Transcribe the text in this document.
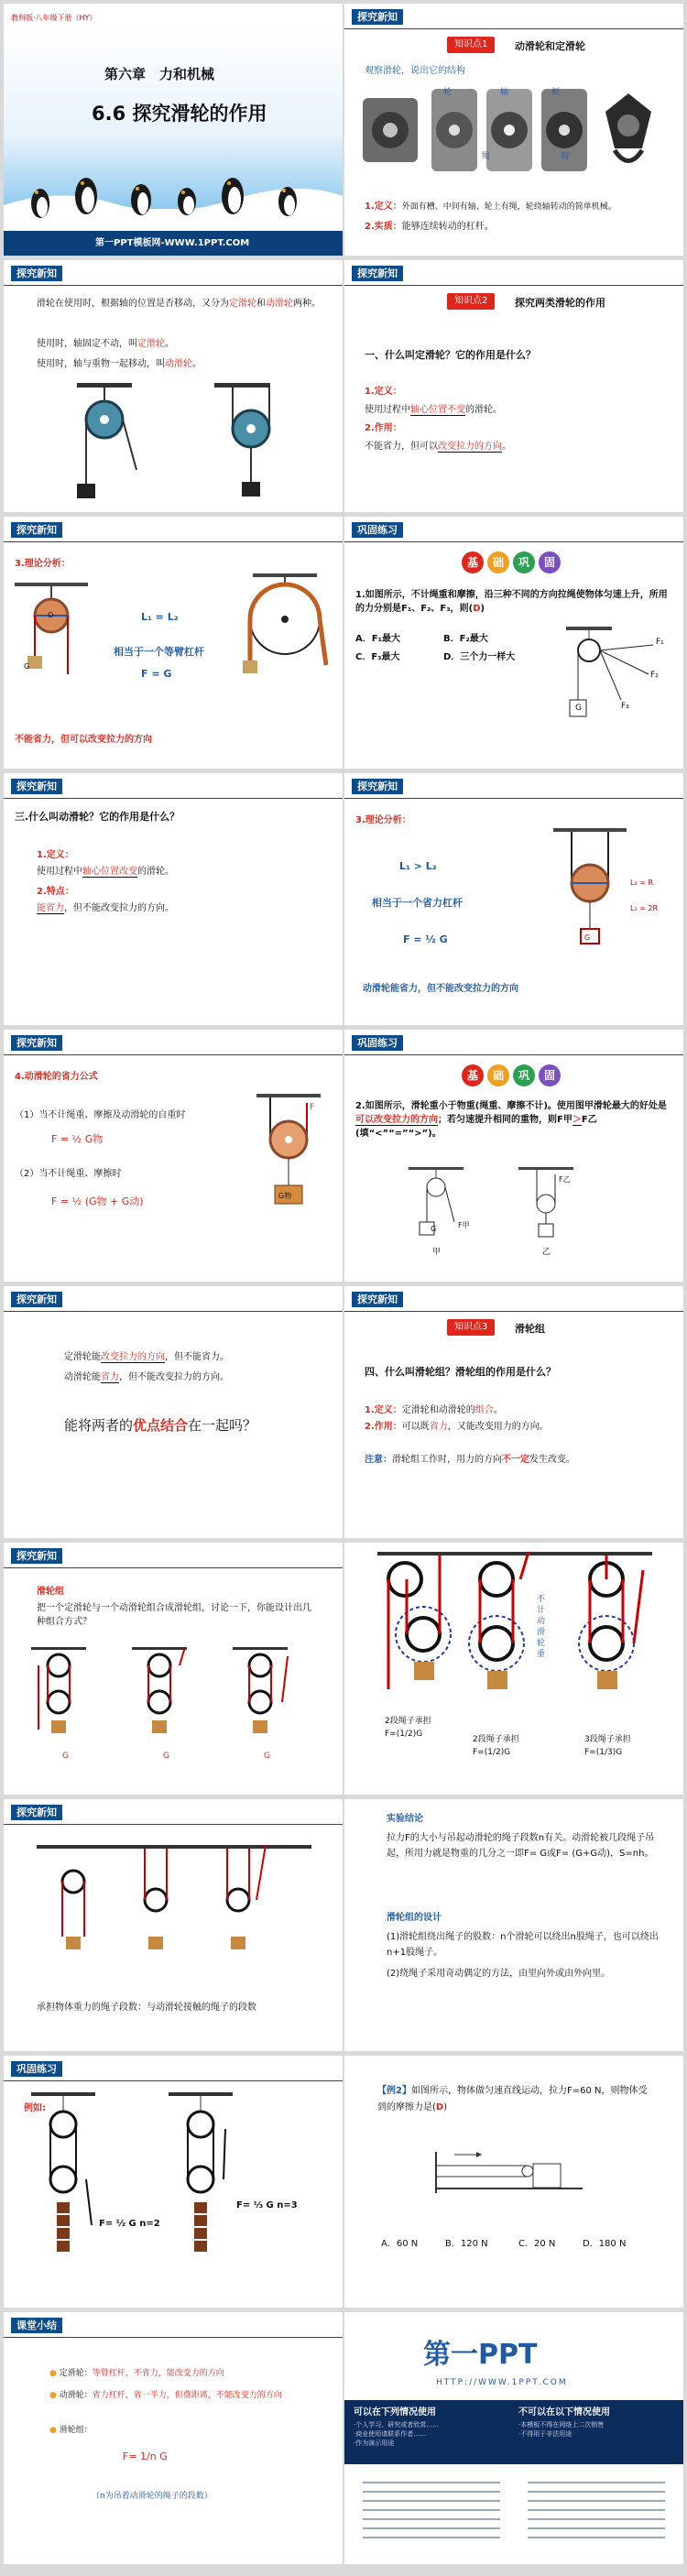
教科版·八年级下册（HY）
第六章　力和机械
6.6 探究滑轮的作用
第一PPT模板网-WWW.1PPT.COM
探究新知
知识点1	动滑轮和定滑轮
观察滑轮，说出它的结构
轮	轴	框
绳	钩
1.定义：外面有槽、中间有轴、轮上有绳，轮绕轴转动的简单机械。
2.实质：能够连续转动的杠杆。
探究新知
滑轮在使用时，根据轴的位置是否移动，又分为定滑轮和动滑轮两种。
使用时，轴固定不动，叫定滑轮。
使用时，轴与重物一起移动，叫动滑轮。
探究新知
知识点2	探究两类滑轮的作用
一、什么叫定滑轮？它的作用是什么？
1.定义：
使用过程中轴心位置不变的滑轮。
2.作用：
不能省力，但可以改变拉力的方向。
探究新知
3.理论分析：
O
G
L₁ = L₂
相当于一个等臂杠杆
F = G
不能省力，但可以改变拉力的方向
巩固练习
基 础 巩 固
1.如图所示，不计绳重和摩擦，沿三种不同的方向拉绳使物体匀速上升，所用的力分别是F₁、F₂、F₃，则(D)
A．F₁最大	B．F₂最大
C．F₃最大	D．三个力一样大
G
F₁
F₂
F₃
探究新知
三.什么叫动滑轮？它的作用是什么？
1.定义：
使用过程中轴心位置改变的滑轮。
2.特点：
能省力，但不能改变拉力的方向。
探究新知
3.理论分析：
L₁ > L₂
相当于一个省力杠杆
F = ½ G	G
L₁ = 2R
L₂ = R
动滑轮能省力，但不能改变拉力的方向
探究新知
4.动滑轮的省力公式
（1）当不计绳重、摩擦及动滑轮的自重时
F = ½ G物
（2）当不计绳重、摩擦时
F = ½ (G物 + G动)	G物
F
巩固练习
基 础 巩 固
2.如图所示，滑轮重小于物重(绳重、摩擦不计)。使用图甲滑轮最大的好处是可以改变拉力的方向；若匀速提升相同的重物，则F甲＞F乙 (填“<”“=”“>”)。
G	F甲
F乙
甲	乙
探究新知
定滑轮能改变拉力的方向，但不能省力。
动滑轮能省力，但不能改变拉力的方向。
能将两者的优点结合在一起吗？
探究新知
知识点3	滑轮组
四、什么叫滑轮组？滑轮组的作用是什么？
1.定义：定滑轮和动滑轮的组合。
2.作用：可以既省力，又能改变用力的方向。
注意：滑轮组工作时，用力的方向不一定发生改变。
探究新知
滑轮组
把一个定滑轮与一个动滑轮组合成滑轮组，讨论一下，你能设计出几种组合方式？
G	G	G
不计动滑轮重
2段绳子承担
F=(1/2)G
2段绳子承担
F=(1/2)G
3段绳子承担
F=(1/3)G
探究新知
承担物体重力的绳子段数：与动滑轮接触的绳子的段数
实验结论
拉力F的大小与吊起动滑轮的绳子段数n有关。动滑轮被几段绳子吊起，所用力就是物重的几分之一即F= G或F= (G+G动)，S=nh。
滑轮组的设计
(1)滑轮组绕出绳子的股数：n个滑轮可以绕出n股绳子，也可以绕出n+1股绳子。
(2)绕绳子采用奇动偶定的方法，由里向外或由外向里。
巩固练习
例如:
F= ½ G n=2
F= ⅓ G n=3
【例2】如图所示，物体做匀速直线运动，拉力F=60 N，则物体受到的摩擦力是(D)
A．60 N	B．120 N	C．20 N	D．180 N
课堂小结
● 定滑轮：等臂杠杆，不省力，能改变力的方向
● 动滑轮：省力杠杆，省一半力，但费距离，不能改变力的方向
● 滑轮组：
F= 1/n G
（n为吊着动滑轮的绳子的段数）
第一PPT
HTTP://WWW.1PPT.COM
可以在下列情况使用
·个人学习、研究或者欣赏……
·商业使用请联系作者……
·作为演示用途
不可以在以下情况使用
·本模板不得在网络上二次销售
·不得用于非法用途
